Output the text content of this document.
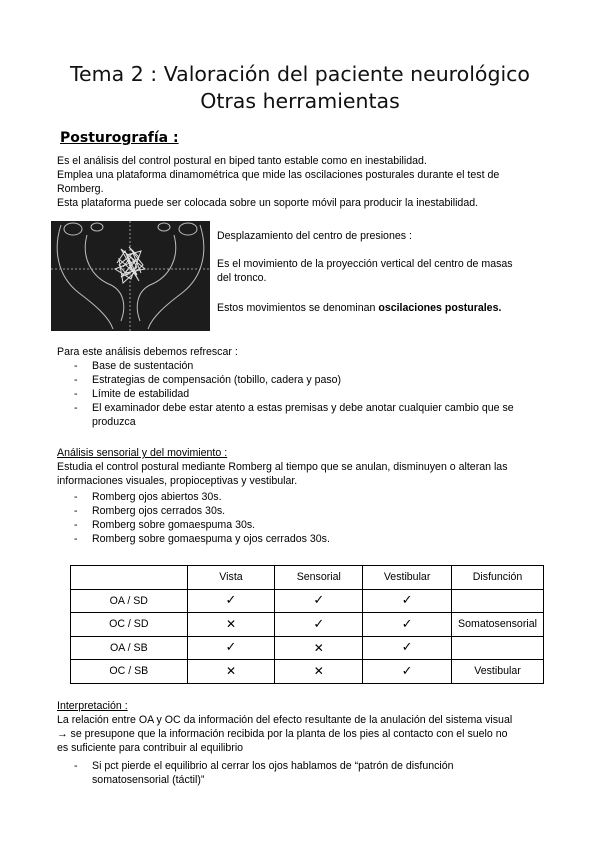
Tema 2 : Valoración del paciente neurológico
Otras herramientas
Posturografía :
Es el análisis del control postural en biped tanto estable como en inestabilidad.
Emplea una plataforma dinamométrica que mide las oscilaciones posturales durante el test de
Romberg.
Esta plataforma puede ser colocada sobre un soporte móvil para producir la inestabilidad.
Desplazamiento del centro de presiones :
Es el movimiento de la proyección vertical del centro de masas
del tronco.
Estos movimientos se denominan oscilaciones posturales.
Para este análisis debemos refrescar :
- Base de sustentación
- Estrategias de compensación (tobillo, cadera y paso)
- Límite de estabilidad
- El examinador debe estar atento a estas premisas y debe anotar cualquier cambio que se
produzca
Análisis sensorial y del movimiento :
Estudia el control postural mediante Romberg al tiempo que se anulan, disminuyen o alteran las
informaciones visuales, propioceptivas y vestibular.
- Romberg ojos abiertos 30s.
- Romberg ojos cerrados 30s.
- Romberg sobre gomaespuma 30s.
- Romberg sobre gomaespuma y ojos cerrados 30s.
	Vista	Sensorial	Vestibular	Disfunción
OA / SD	✓	✓	✓	
OC / SD	✕	✓	✓	Somatosensorial
OA / SB	✓	✕	✓	
OC / SB	✕	✕	✓	Vestibular
Interpretación :
La relación entre OA y OC da información del efecto resultante de la anulación del sistema visual
→ se presupone que la información recibida por la planta de los pies al contacto con el suelo no
es suficiente para contribuir al equilibrio
- Si pct pierde el equilibrio al cerrar los ojos hablamos de “patrón de disfunción
somatosensorial (táctil)”
